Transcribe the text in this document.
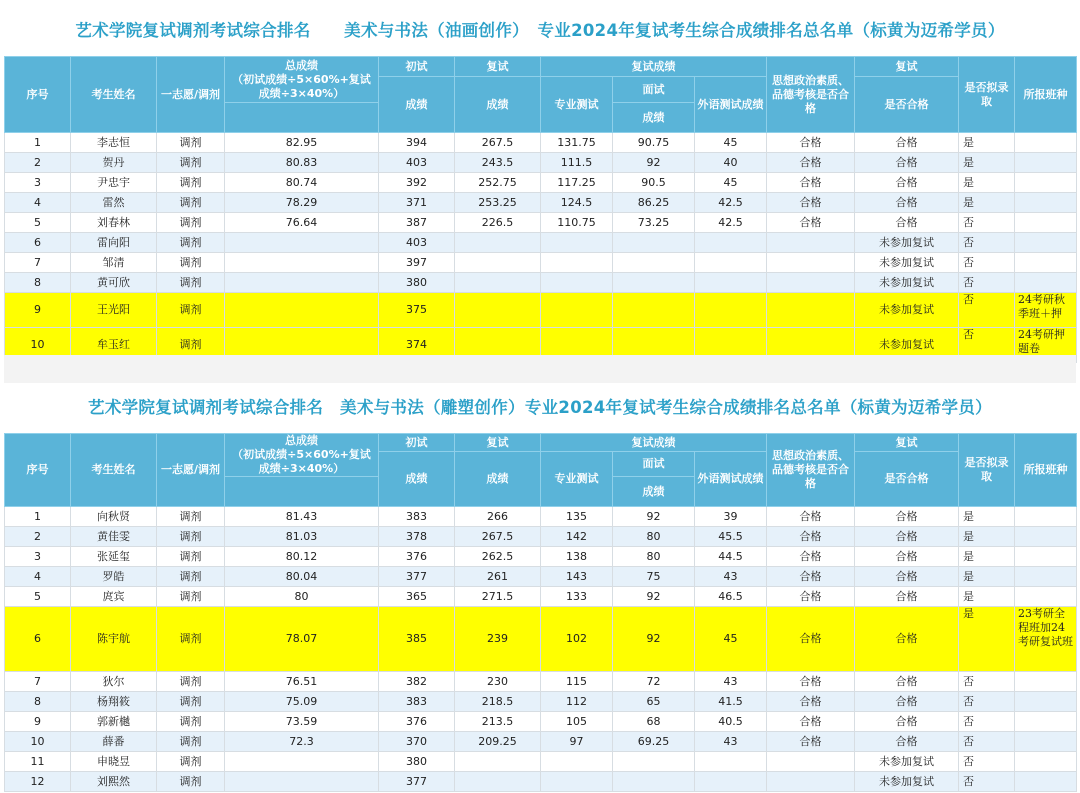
艺术学院复试调剂考试综合排名　　美术与书法（油画创作）　专业2024年复试考生综合成绩排名总名单（标黄为迈希学员）
序号	考生姓名	一志愿/调剂	总成绩
（初试成绩÷5×60%+复试成绩÷3×40%）	初试	复试	复试成绩			思想政治素质、品德考核是否合格	复试	是否拟录取	所报班种
				成绩	成绩	专业测试	面试	外语测试成绩		是否合格		
							成绩					
1	李志恒	调剂	82.95	394	267.5	131.75	90.75	45	合格	合格	是	
2	贺丹	调剂	80.83	403	243.5	111.5	92	40	合格	合格	是	
3	尹忠宇	调剂	80.74	392	252.75	117.25	90.5	45	合格	合格	是	
4	雷然	调剂	78.29	371	253.25	124.5	86.25	42.5	合格	合格	是	
5	刘春林	调剂	76.64	387	226.5	110.75	73.25	42.5	合格	合格	否	
6	雷向阳	调剂		403						未参加复试	否	
7	邹清	调剂		397						未参加复试	否	
8	黄可欣	调剂		380						未参加复试	否	
9	王光阳	调剂		375						未参加复试	否	24考研秋季班＋押
10	牟玉红	调剂		374						未参加复试	否	24考研押题卷
艺术学院复试调剂考试综合排名　美术与书法（雕塑创作）专业2024年复试考生综合成绩排名总名单（标黄为迈希学员）
序号	考生姓名	一志愿/调剂	总成绩
（初试成绩÷5×60%+复试成绩÷3×40%）	初试	复试	复试成绩			思想政治素质、品德考核是否合格	复试	是否拟录取	所报班种
				成绩	成绩	专业测试	面试	外语测试成绩		是否合格		
							成绩					
1	向秋贤	调剂	81.43	383	266	135	92	39	合格	合格	是	
2	黄佳雯	调剂	81.03	378	267.5	142	80	45.5	合格	合格	是	
3	张延玺	调剂	80.12	376	262.5	138	80	44.5	合格	合格	是	
4	罗皓	调剂	80.04	377	261	143	75	43	合格	合格	是	
5	庹宾	调剂	80	365	271.5	133	92	46.5	合格	合格	是	
6	陈宇航	调剂	78.07	385	239	102	92	45	合格	合格	是	23考研全程班加24考研复试班
7	狄尔	调剂	76.51	382	230	115	72	43	合格	合格	否	
8	杨翔筱	调剂	75.09	383	218.5	112	65	41.5	合格	合格	否	
9	郭新樾	调剂	73.59	376	213.5	105	68	40.5	合格	合格	否	
10	薛番	调剂	72.3	370	209.25	97	69.25	43	合格	合格	否	
11	申晓昱	调剂		380						未参加复试	否	
12	刘熙然	调剂		377						未参加复试	否	
